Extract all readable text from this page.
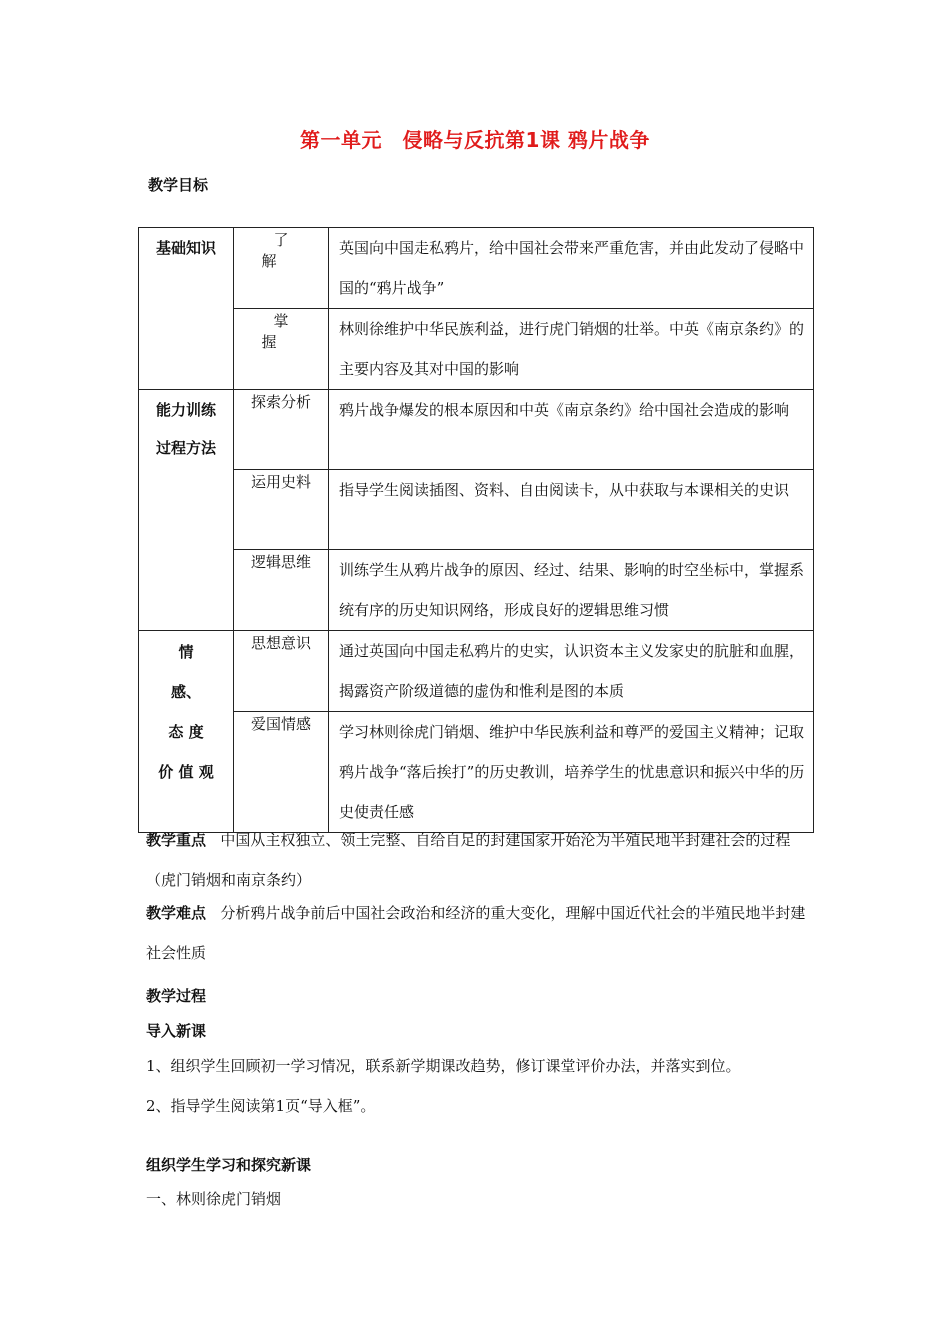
第一单元　侵略与反抗第1课 鸦片战争
教学目标
基础知识	了解	英国向中国走私鸦片，给中国社会带来严重危害，并由此发动了侵略中国的“鸦片战争”
	掌握	林则徐维护中华民族利益，进行虎门销烟的壮举。中英《南京条约》的主要内容及其对中国的影响

能力训练
过程方法	探索分析	鸦片战争爆发的根本原因和中英《南京条约》给中国社会造成的影响
	运用史料	指导学生阅读插图、资料、自由阅读卡，从中获取与本课相关的史识
	逻辑思维	训练学生从鸦片战争的原因、经过、结果、影响的时空坐标中，掌握系统有序的历史知识网络，形成良好的逻辑思维习惯

情
感、
态 度
价 值 观	思想意识	通过英国向中国走私鸦片的史实，认识资本主义发家史的肮脏和血腥，揭露资产阶级道德的虚伪和惟利是图的本质
	爱国情感	学习林则徐虎门销烟、维护中华民族利益和尊严的爱国主义精神；记取鸦片战争“落后挨打”的历史教训，培养学生的忧患意识和振兴中华的历史使责任感
教学重点 中国从主权独立、领土完整、自给自足的封建国家开始沦为半殖民地半封建社会的过程（虎门销烟和南京条约）
教学难点 分析鸦片战争前后中国社会政治和经济的重大变化，理解中国近代社会的半殖民地半封建社会性质
教学过程
导入新课
1、组织学生回顾初一学习情况，联系新学期课改趋势，修订课堂评价办法，并落实到位。
2、指导学生阅读第1页“导入框”。
组织学生学习和探究新课
一、林则徐虎门销烟
